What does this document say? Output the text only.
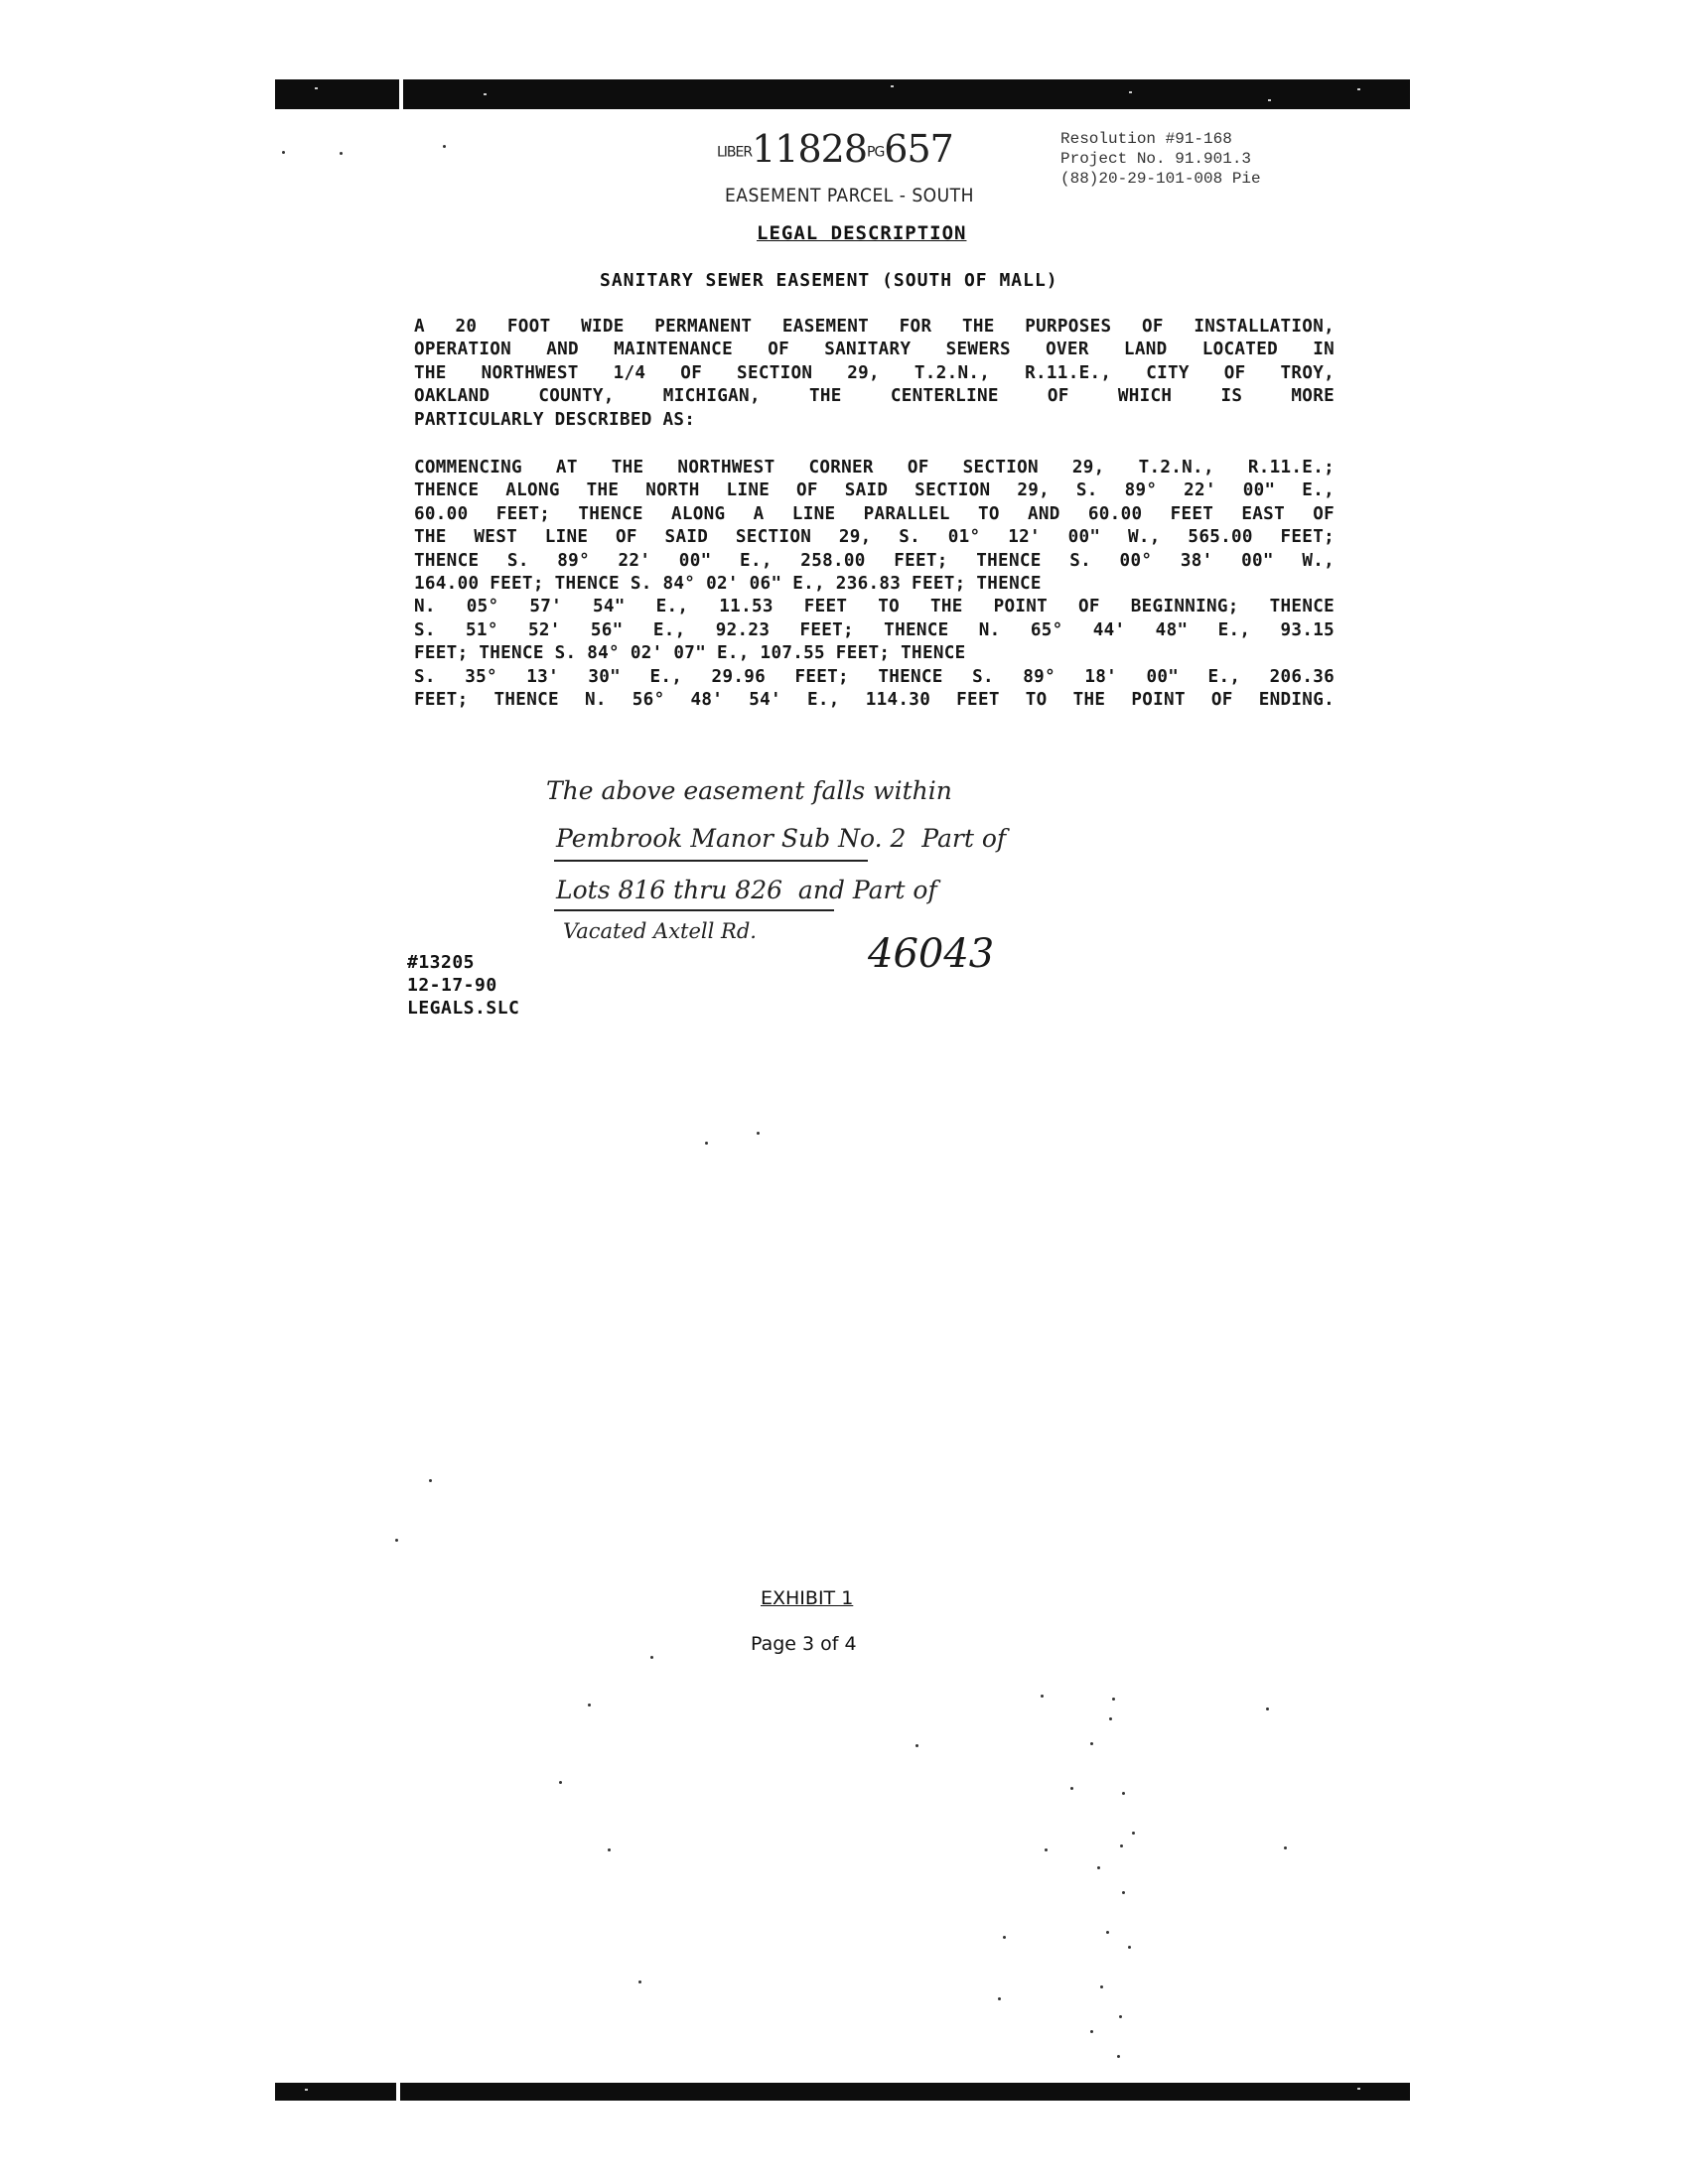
LIBER11828PG657	Resolution #91-168
Project No. 91.901.3
(88)20-29-101-008 Pie
EASEMENT PARCEL - SOUTH
LEGAL DESCRIPTION
SANITARY SEWER EASEMENT (SOUTH OF MALL)
A 20 FOOT WIDE PERMANENT EASEMENT FOR THE PURPOSES OF INSTALLATION,
OPERATION AND MAINTENANCE OF SANITARY SEWERS OVER LAND LOCATED IN
THE NORTHWEST 1/4 OF SECTION 29, T.2.N., R.11.E., CITY OF TROY,
OAKLAND COUNTY, MICHIGAN, THE CENTERLINE OF WHICH IS MORE
PARTICULARLY DESCRIBED AS:
COMMENCING AT THE NORTHWEST CORNER OF SECTION 29, T.2.N., R.11.E.;
THENCE ALONG THE NORTH LINE OF SAID SECTION 29, S. 89° 22' 00" E.,
60.00 FEET; THENCE ALONG A LINE PARALLEL TO AND 60.00 FEET EAST OF
THE WEST LINE OF SAID SECTION 29, S. 01° 12' 00" W., 565.00 FEET;
THENCE S. 89° 22' 00" E., 258.00 FEET; THENCE S. 00° 38' 00" W.,
164.00 FEET; THENCE S. 84° 02' 06" E., 236.83 FEET; THENCE
N. 05° 57' 54" E., 11.53 FEET TO THE POINT OF BEGINNING; THENCE
S. 51° 52' 56" E., 92.23 FEET; THENCE N. 65° 44' 48" E., 93.15
FEET; THENCE S. 84° 02' 07" E., 107.55 FEET; THENCE
S. 35° 13' 30" E., 29.96 FEET; THENCE S. 89° 18' 00" E., 206.36
FEET; THENCE N. 56° 48' 54' E., 114.30 FEET TO THE POINT OF ENDING.
The above easement falls within
Pembrook Manor Sub No. 2 Part of
Lots 816 thru 826 and Part of
Vacated Axtell Rd.	46043
#13205
12-17-90
LEGALS.SLC
EXHIBIT 1
Page 3 of 4
